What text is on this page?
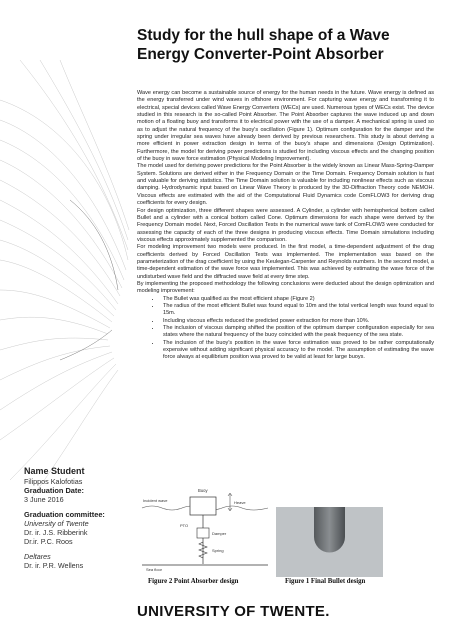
Study for the hull shape of a Wave
Energy Converter-Point Absorber

Wave energy can become a sustainable source of energy for the human needs in the future. Wave energy is defined as the energy transferred under wind waves in offshore environment. For capturing wave energy and transforming it to electrical, special devices called Wave Energy Converters (WECs) are used. Numerous types of WECs exist. The device studied in this research is the so-called Point Absorber. The Point Absorber captures the wave induced up and down motion of a floating buoy and transforms it to electrical power with the use of a damper. A mechanical spring is used so as to adjust the natural frequency of the buoy's oscillation (Figure 1). Optimum configuration for the damper and the spring under irregular sea waves have already been derived by previous researchers. This study is about deriving a more efficient in power extraction design in terms of the buoy's shape and dimensions (Design Optimization). Furthermore, the model for deriving power predictions is studied for including viscous effects and the changing position of the buoy in wave force estimation (Physical Modeling Improvement).

The model used for deriving power predictions for the Point Absorber is the widely known as Linear Mass-Spring-Damper System. Solutions are derived either in the Frequency Domain or the Time Domain. Frequency Domain solution is fast and valuable for deriving statistics. The Time Domain solution is valuable for including nonlinear effects such as viscous damping. Hydrodynamic input based on Linear Wave Theory is produced by the 3D-Diffraction Theory code NEMOH. Viscous effects are estimated with the aid of the Computational Fluid Dynamics code ComFLOW3 for deriving drag coefficients for every design.

For design optimization, three different shapes were assessed. A Cylinder, a cylinder with hemispherical bottom called Bullet and a cylinder with a conical bottom called Cone. Optimum dimensions for each shape were derived by the Frequency Domain model. Next, Forced Oscillation Tests in the numerical wave tank of ComFLOW3 were conducted for assessing the capacity of each of the three designs in producing viscous effects. Time Domain simulations including viscous effects approximately supplemented the comparison.

For modeling improvement two models were produced. In the first model, a time-dependent adjustment of the drag coefficients derived by Forced Oscillation Tests was implemented. The implementation was based on the parameterization of the drag coefficient by using the Keulegan-Carpenter and Reynolds numbers. In the second model, a time-dependent estimation of the wave force was implemented. This was achieved by estimating the wave force of the undisturbed wave field and the diffracted wave field at every time step.

By implementing the proposed methodology the following conclusions were deducted about the design optimization and modeling improvement:

• The Bullet was qualified as the most efficient shape (Figure 2)
• The radius of the most efficient Bullet was found equal to 10m and the total vertical length was found equal to 15m.
• Including viscous effects reduced the predicted power extraction for more than 10%.
• The inclusion of viscous damping shifted the position of the optimum damper configuration especially for sea states where the natural frequency of the buoy coincided with the peak frequency of the sea state.
• The inclusion of the buoy's position in the wave force estimation was proved to be rather computationally expensive without adding significant physical accuracy to the model. The assumption of estimating the wave force always at equilibrium position was proved to be valid at least for large buoys.
Name Student
Filippos Kalofotias
Graduation Date:
3 June 2016
Graduation committee:
University of Twente
Dr. ir. J.S. Ribberink
Dr.ir. P.C. Roos
Deltares
Dr. ir. P.R. Wellens
Buoy
Incident wave	Heave
PTO
Damper
Spring
Sea floor
Figure 2 Point Absorber design	Figure 1 Final Bullet design
UNIVERSITY OF TWENTE.
